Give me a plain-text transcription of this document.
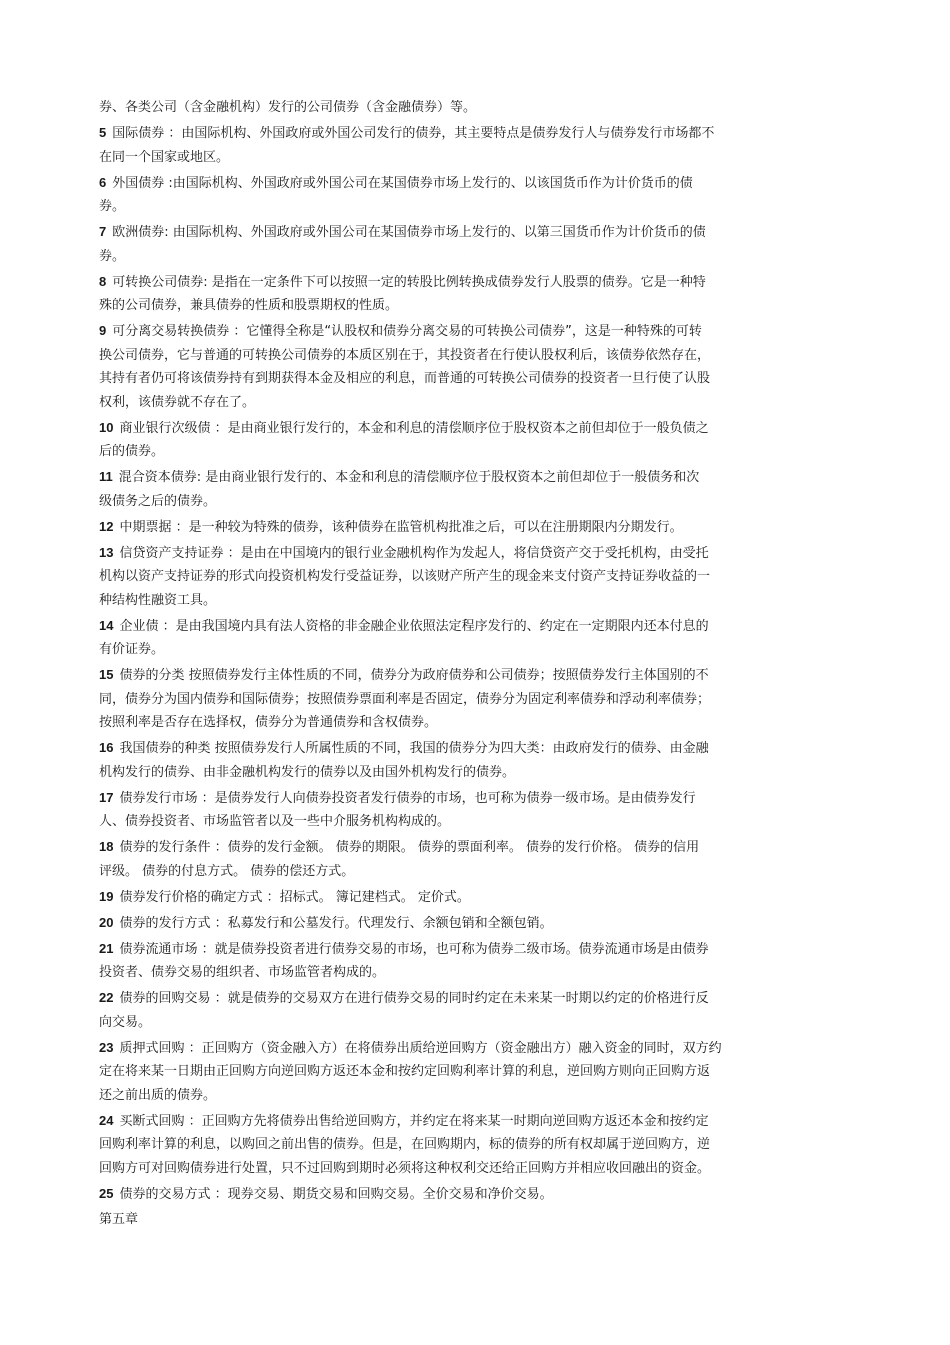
券、各类公司（含金融机构）发行的公司债券（含金融债券）等。
5 国际债券 ：由国际机构、外国政府或外国公司发行的债券，其主要特点是债券发行人与债券发行市场都不
在同一个国家或地区。
6 外国债券 :由国际机构、外国政府或外国公司在某国债券市场上发行的、以该国货币作为计价货币的债
券。
7 欧洲债券: 由国际机构、外国政府或外国公司在某国债券市场上发行的、以第三国货币作为计价货币的债
券。
8 可转换公司债券: 是指在一定条件下可以按照一定的转股比例转换成债券发行人股票的债券。它是一种特
殊的公司债券，兼具债券的性质和股票期权的性质。
9 可分离交易转换债券 ：它懂得全称是“认股权和债券分离交易的可转换公司债券”，这是一种特殊的可转
换公司债券，它与普通的可转换公司债券的本质区别在于，其投资者在行使认股权利后，该债券依然存在，
其持有者仍可将该债券持有到期获得本金及相应的利息，而普通的可转换公司债券的投资者一旦行使了认股
权利，该债券就不存在了。
10 商业银行次级债 ：是由商业银行发行的，本金和利息的清偿顺序位于股权资本之前但却位于一般负债之
后的债券。
11 混合资本债券: 是由商业银行发行的、本金和利息的清偿顺序位于股权资本之前但却位于一般债务和次
级债务之后的债券。
12 中期票据 ：是一种较为特殊的债券，该种债券在监管机构批准之后，可以在注册期限内分期发行。
13 信贷资产支持证券 ：是由在中国境内的银行业金融机构作为发起人，将信贷资产交于受托机构，由受托
机构以资产支持证券的形式向投资机构发行受益证券，以该财产所产生的现金来支付资产支持证券收益的一
种结构性融资工具。
14 企业债 ：是由我国境内具有法人资格的非金融企业依照法定程序发行的、约定在一定期限内还本付息的
有价证券。
15 债券的分类 按照债券发行主体性质的不同，债券分为政府债券和公司债券；按照债券发行主体国别的不
同，债券分为国内债券和国际债券；按照债券票面利率是否固定，债券分为固定利率债券和浮动利率债券；
按照利率是否存在选择权，债券分为普通债券和含权债券。
16 我国债券的种类 按照债券发行人所属性质的不同，我国的债券分为四大类：由政府发行的债券、由金融
机构发行的债券、由非金融机构发行的债券以及由国外机构发行的债券。
17 债券发行市场 ：是债券发行人向债券投资者发行债券的市场，也可称为债券一级市场。是由债券发行
人、债券投资者、市场监管者以及一些中介服务机构构成的。
18 债券的发行条件 ：债券的发行金额。 债券的期限。 债券的票面利率。 债券的发行价格。 债券的信用
评级。 债券的付息方式。 债券的偿还方式。
19 债券发行价格的确定方式 ：招标式。 簿记建档式。 定价式。
20 债券的发行方式 ：私募发行和公墓发行。代理发行、余额包销和全额包销。
21 债券流通市场 ：就是债券投资者进行债券交易的市场，也可称为债券二级市场。债券流通市场是由债券
投资者、债券交易的组织者、市场监管者构成的。
22 债券的回购交易 ：就是债券的交易双方在进行债券交易的同时约定在未来某一时期以约定的价格进行反
向交易。
23 质押式回购 ：正回购方（资金融入方）在将债券出质给逆回购方（资金融出方）融入资金的同时，双方约
定在将来某一日期由正回购方向逆回购方返还本金和按约定回购利率计算的利息，逆回购方则向正回购方返
还之前出质的债券。
24 买断式回购 ：正回购方先将债券出售给逆回购方，并约定在将来某一时期向逆回购方返还本金和按约定
回购利率计算的利息，以购回之前出售的债券。但是，在回购期内，标的债券的所有权却属于逆回购方，逆
回购方可对回购债券进行处置，只不过回购到期时必须将这种权利交还给正回购方并相应收回融出的资金。
25 债券的交易方式 ：现券交易、期货交易和回购交易。全价交易和净价交易。
第五章
